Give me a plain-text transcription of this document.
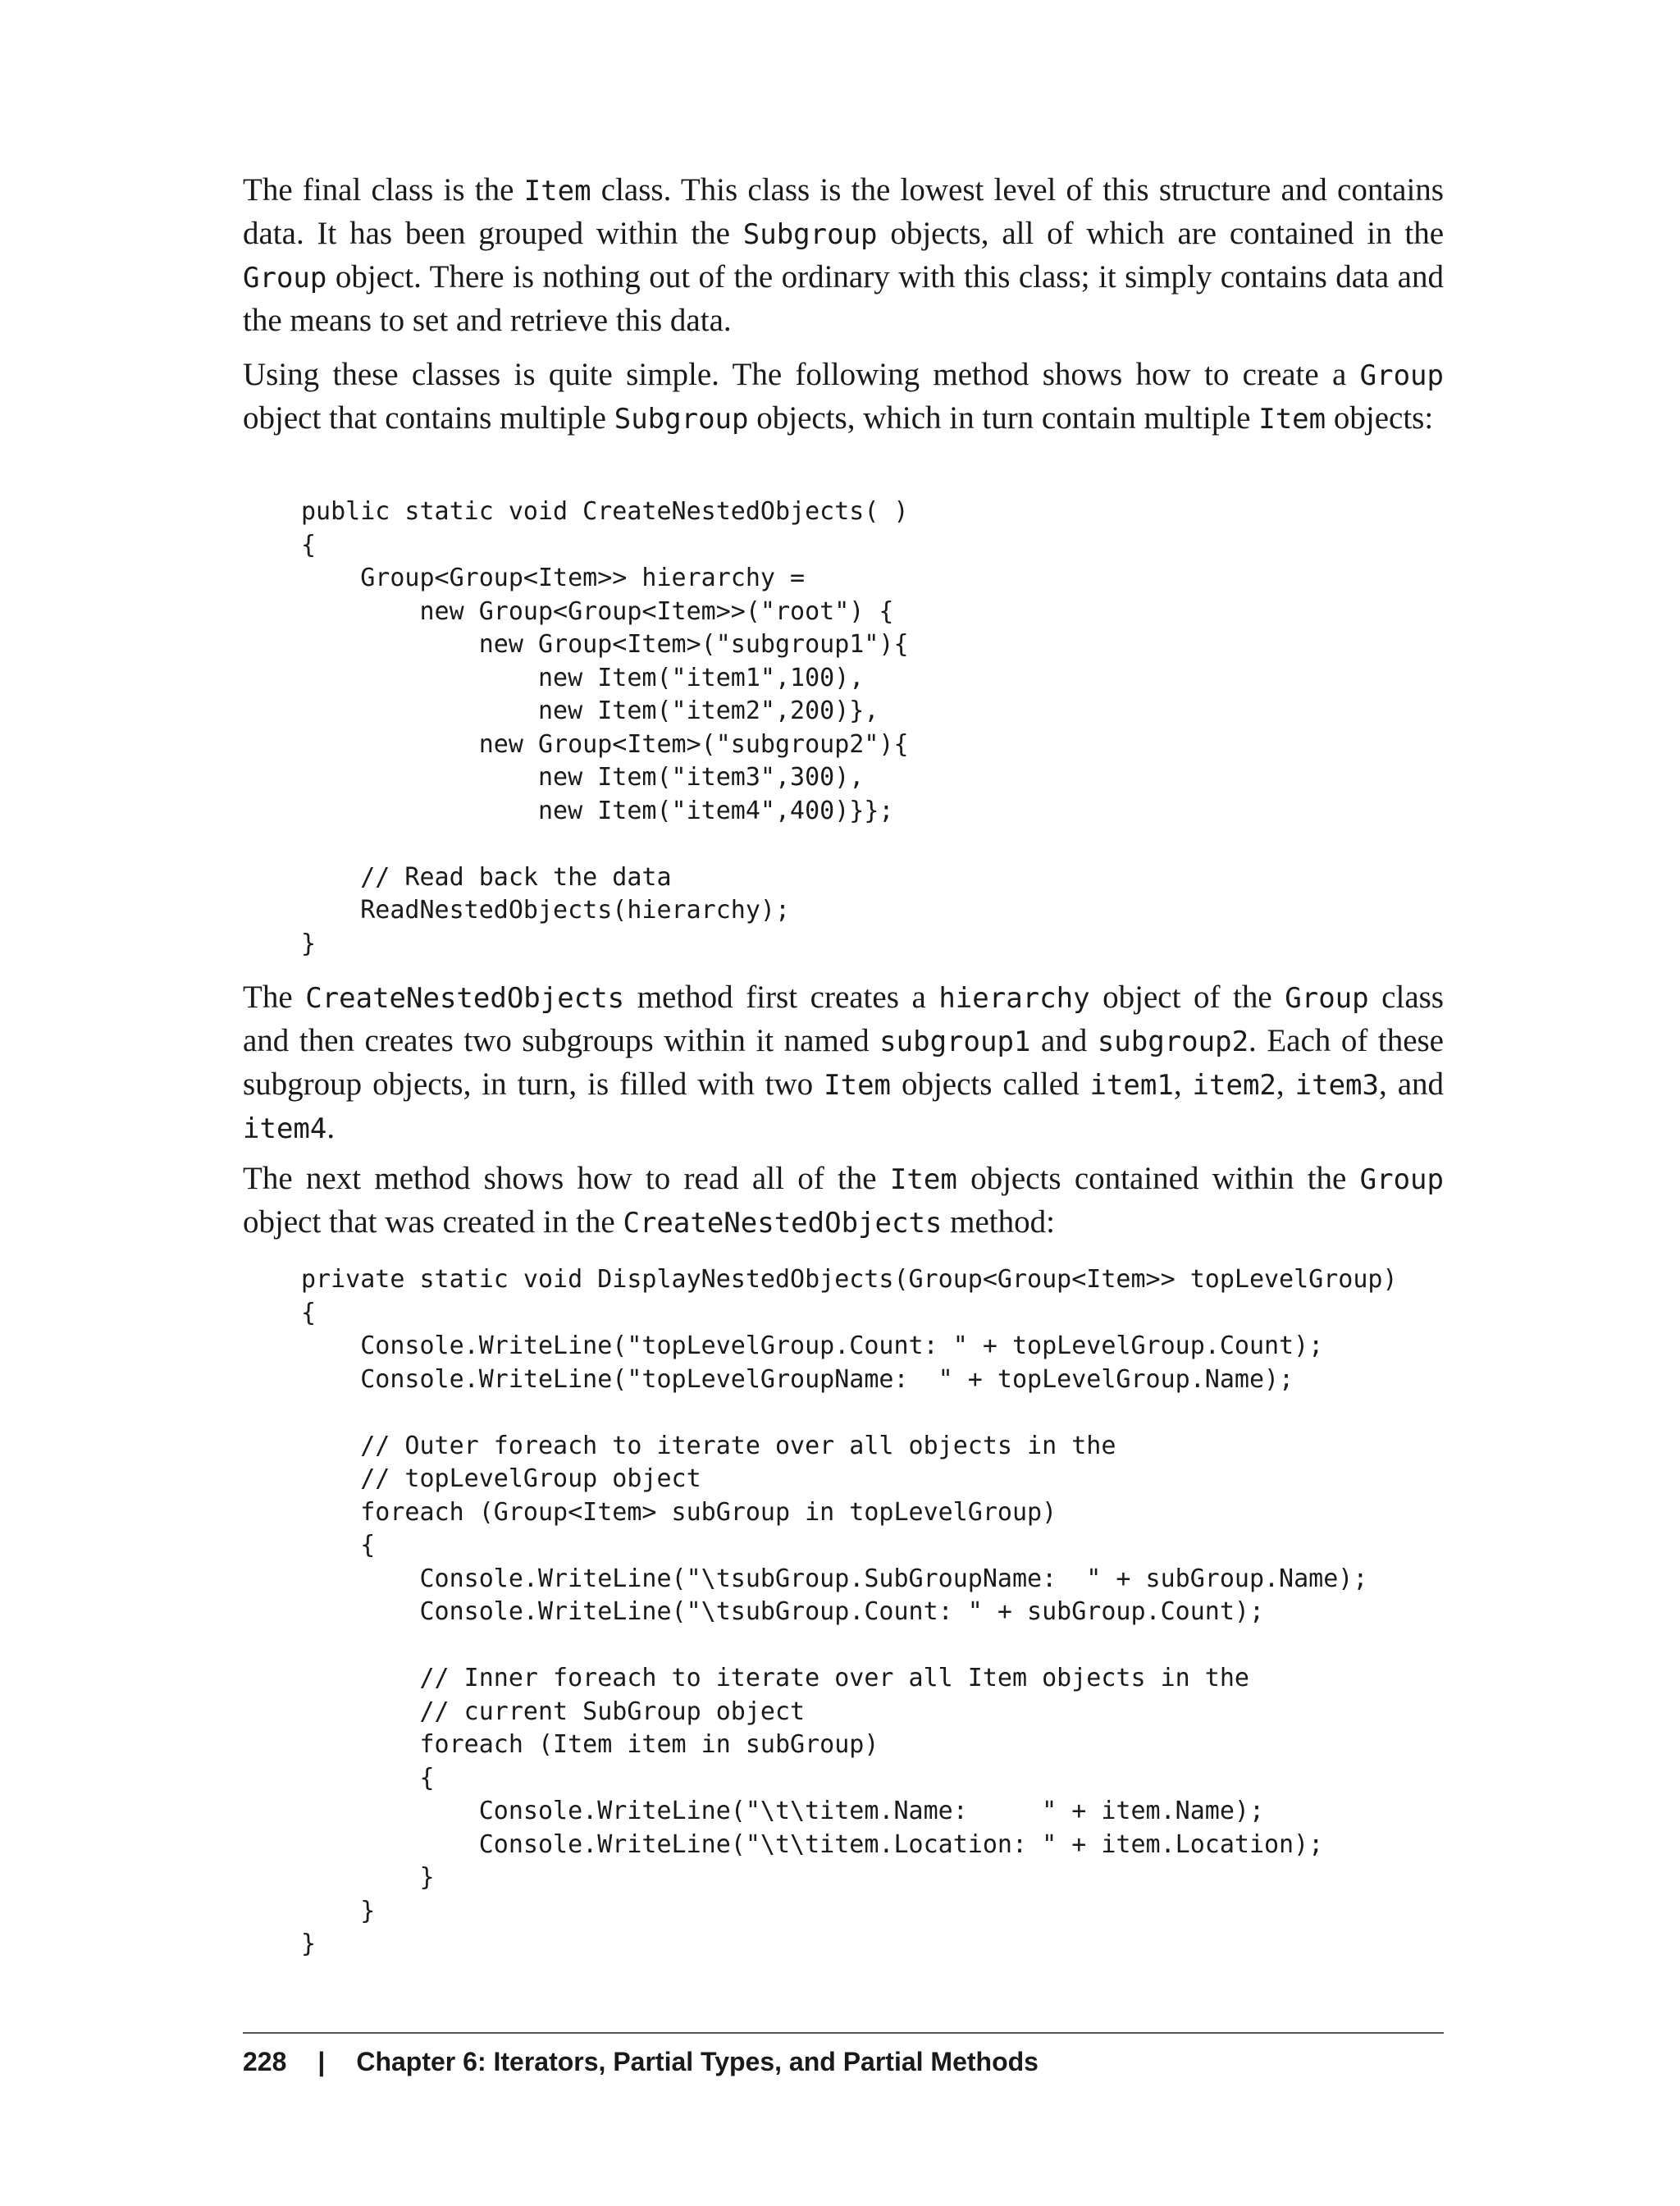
The final class is the Item class. This class is the lowest level of this structure and contains data. It has been grouped within the Subgroup objects, all of which are contained in the Group object. There is nothing out of the ordinary with this class; it simply contains data and the means to set and retrieve this data.

Using these classes is quite simple. The following method shows how to create a Group object that contains multiple Subgroup objects, which in turn contain multiple Item objects:

public static void CreateNestedObjects( )
{
Group<Group<Item>> hierarchy =
new Group<Group<Item>>("root") {
new Group<Item>("subgroup1"){
new Item("item1",100),
new Item("item2",200)},
new Group<Item>("subgroup2"){
new Item("item3",300),
new Item("item4",400)}};

// Read back the data
ReadNestedObjects(hierarchy);
}

The CreateNestedObjects method first creates a hierarchy object of the Group class and then creates two subgroups within it named subgroup1 and subgroup2. Each of these subgroup objects, in turn, is filled with two Item objects called item1, item2, item3, and item4.

The next method shows how to read all of the Item objects contained within the Group object that was created in the CreateNestedObjects method:

private static void DisplayNestedObjects(Group<Group<Item>> topLevelGroup)
{
Console.WriteLine("topLevelGroup.Count: " + topLevelGroup.Count);
Console.WriteLine("topLevelGroupName:  " + topLevelGroup.Name);

// Outer foreach to iterate over all objects in the
// topLevelGroup object
foreach (Group<Item> subGroup in topLevelGroup)
{
Console.WriteLine("\tsubGroup.SubGroupName:  " + subGroup.Name);
Console.WriteLine("\tsubGroup.Count: " + subGroup.Count);

// Inner foreach to iterate over all Item objects in the
// current SubGroup object
foreach (Item item in subGroup)
{
Console.WriteLine("\t\titem.Name:     " + item.Name);
Console.WriteLine("\t\titem.Location: " + item.Location);
}
}
}
228 | Chapter 6: Iterators, Partial Types, and Partial Methods
